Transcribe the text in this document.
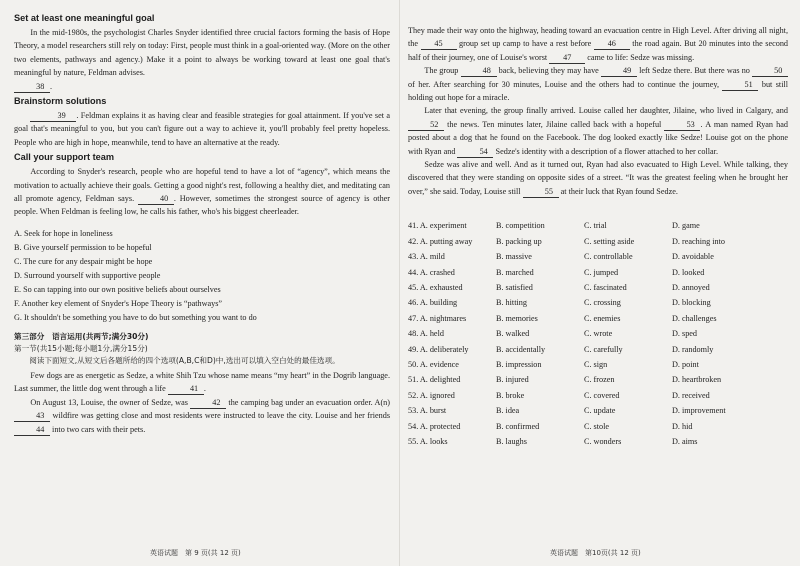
Set at least one meaningful goal

In the mid-1980s, the psychologist Charles Snyder identified three crucial factors forming the basis of Hope Theory, a model researchers still rely on today: First, people must think in a goal-oriented way. (More on the other two elements, pathways and agency.) Make it a point to always be working toward at least one goal that's meaningful by nature, Feldman advises.
38 .

Brainstorm solutions

39 . Feldman explains it as having clear and feasible strategies for goal attainment. If you've set a goal that's meaningful to you, but you can't figure out a way to achieve it, you'll probably feel pretty hopeless. People who are high in hope, meanwhile, tend to have an alternative at the ready.

Call your support team

According to Snyder's research, people who are hopeful tend to have a lot of “agency”, which means the motivation to actually achieve their goals. Getting a good night's rest, following a healthy diet, and meditating can all promote agency, Feldman says.	40 . However, sometimes the strongest source of agency is other people. When Feldman is feeling low, he calls his father, who's his biggest cheerleader.

A. Seek for hope in loneliness
B. Give yourself permission to be hopeful
C. The cure for any despair might be hope
D. Surround yourself with supportive people
E. So can tapping into our own positive beliefs about ourselves
F. Another key element of Snyder's Hope Theory is “pathways”
G. It shouldn't be something you have to do but something you want to do
第三部分　语言运用(共两节;满分30分)
第一节(共15小题;每小题1分,满分15分)
阅读下面短文,从短文后各题所给的四个选项(A,B,C和D)中,选出可以填入空白处的最佳选项。

Few dogs are as energetic as Sedze, a white Shih Tzu whose name means “my heart” in the Dogrib language. Last summer, the little dog went through a life	41 .

On August 13, Louise, the owner of Sedze, was	42 the camping bag under an evacuation order. A(n) 43 wildfire was getting close and most residents were instructed to leave the city. Louise and her friends 44 into two cars with their pets.

英语试题　第 9 页(共 12 页)

They made their way onto the highway, heading toward an evacuation centre in High Level. After driving all night, the 45 group set up camp to have a rest before 46 the road again. But 20 minutes into the second half of their journey, one of Louise's worst 47 came to life: Sedze was missing.

The group	48 back, believing they may have	49 left Sedze there. But there was no	50 of her. After searching for 30 minutes, Louise and the others had to continue the journey,	51 but still holding out hope for a miracle.

Later that evening, the group finally arrived. Louise called her daughter, Jilaine, who lived in Calgary, and 52 the news. Ten minutes later, Jilaine called back with a hopeful	53 . A man named Ryan had posted about a dog that he found on the Facebook. The dog looked exactly like Sedze! Louise got on the phone with Ryan and	54 Sedze's identity with a description of a flower attached to her collar.

Sedze was alive and well. And as it turned out, Ryan had also evacuated to High Level. While talking, they discovered that they were standing on opposite sides of a street. “It was the greatest feeling when he brought her over,” she said. Today, Louise still	55 at their luck that Ryan found Sedze.

41. A. experiment	B. competition	C. trial	D. game
42. A. putting away	B. packing up	C. setting aside	D. reaching into
43. A. mild	B. massive	C. controllable	D. avoidable
44. A. crashed	B. marched	C. jumped	D. looked
45. A. exhausted	B. satisfied	C. fascinated	D. annoyed
46. A. building	B. hitting	C. crossing	D. blocking
47. A. nightmares	B. memories	C. enemies	D. challenges
48. A. held	B. walked	C. wrote	D. sped
49. A. deliberately	B. accidentally	C. carefully	D. randomly
50. A. evidence	B. impression	C. sign	D. point
51. A. delighted	B. injured	C. frozen	D. heartbroken
52. A. ignored	B. broke	C. covered	D. received
53. A. burst	B. idea	C. update	D. improvement
54. A. protected	B. confirmed	C. stole	D. hid
55. A. looks	B. laughs	C. wonders	D. aims
英语试题　第10页(共 12 页)
